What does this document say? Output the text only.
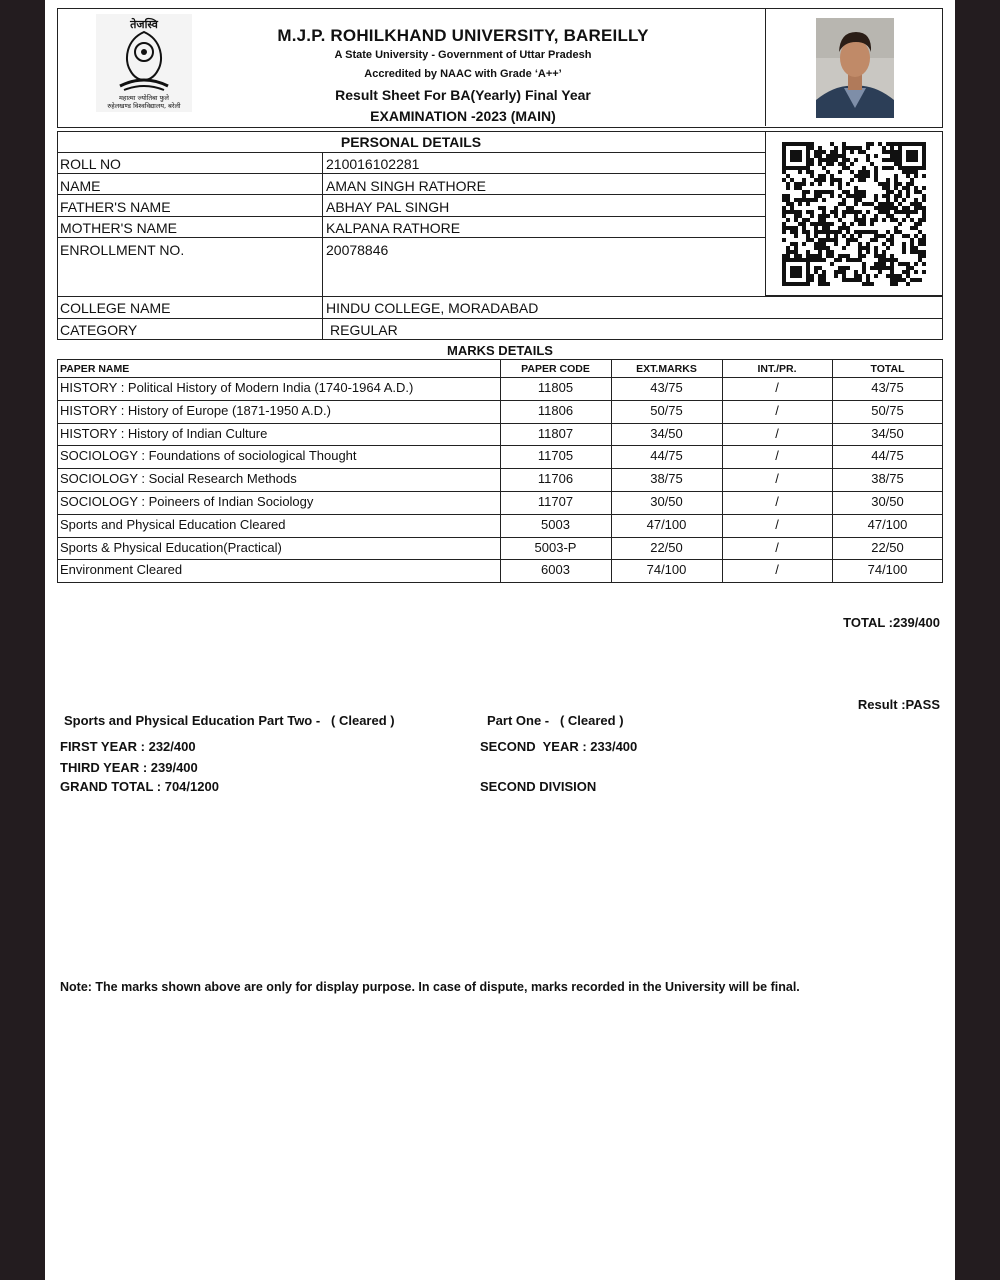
तेजस्वि
महात्मा ज्योतिबा फुले
रुहेलखण्ड विश्वविद्यालय, बरेली
M.J.P. ROHILKHAND UNIVERSITY, BAREILLY
A State University - Government of Uttar Pradesh
Accredited by NAAC with Grade ‘A++’
Result Sheet For BA(Yearly) Final Year
EXAMINATION -2023 (MAIN)
PERSONAL DETAILS
ROLL NO	210016102281
NAME	AMAN SINGH RATHORE
FATHER'S NAME	ABHAY PAL SINGH
MOTHER'S NAME	KALPANA RATHORE
ENROLLMENT NO.	20078846
COLLEGE NAME	HINDU COLLEGE, MORADABAD
CATEGORY	REGULAR
MARKS DETAILS
PAPER NAME	PAPER CODE	EXT.MARKS	INT./PR.	TOTAL
HISTORY : Political History of Modern India (1740-1964 A.D.)	11805	43/75	/	43/75
HISTORY : History of Europe (1871-1950 A.D.)	11806	50/75	/	50/75
HISTORY : History of Indian Culture	11807	34/50	/	34/50
SOCIOLOGY : Foundations of sociological Thought	11705	44/75	/	44/75
SOCIOLOGY : Social Research Methods	11706	38/75	/	38/75
SOCIOLOGY : Poineers of Indian Sociology	11707	30/50	/	30/50
Sports and Physical Education Cleared	5003	47/100	/	47/100
Sports & Physical Education(Practical)	5003-P	22/50	/	22/50
Environment Cleared	6003	74/100	/	74/100
TOTAL :239/400
Result :PASS
Sports and Physical Education Part Two -   ( Cleared )	Part One -   ( Cleared )
FIRST YEAR : 232/400	SECOND  YEAR : 233/400
THIRD YEAR : 239/400
GRAND TOTAL : 704/1200	SECOND DIVISION
Note: The marks shown above are only for display purpose. In case of dispute, marks recorded in the University will be final.
